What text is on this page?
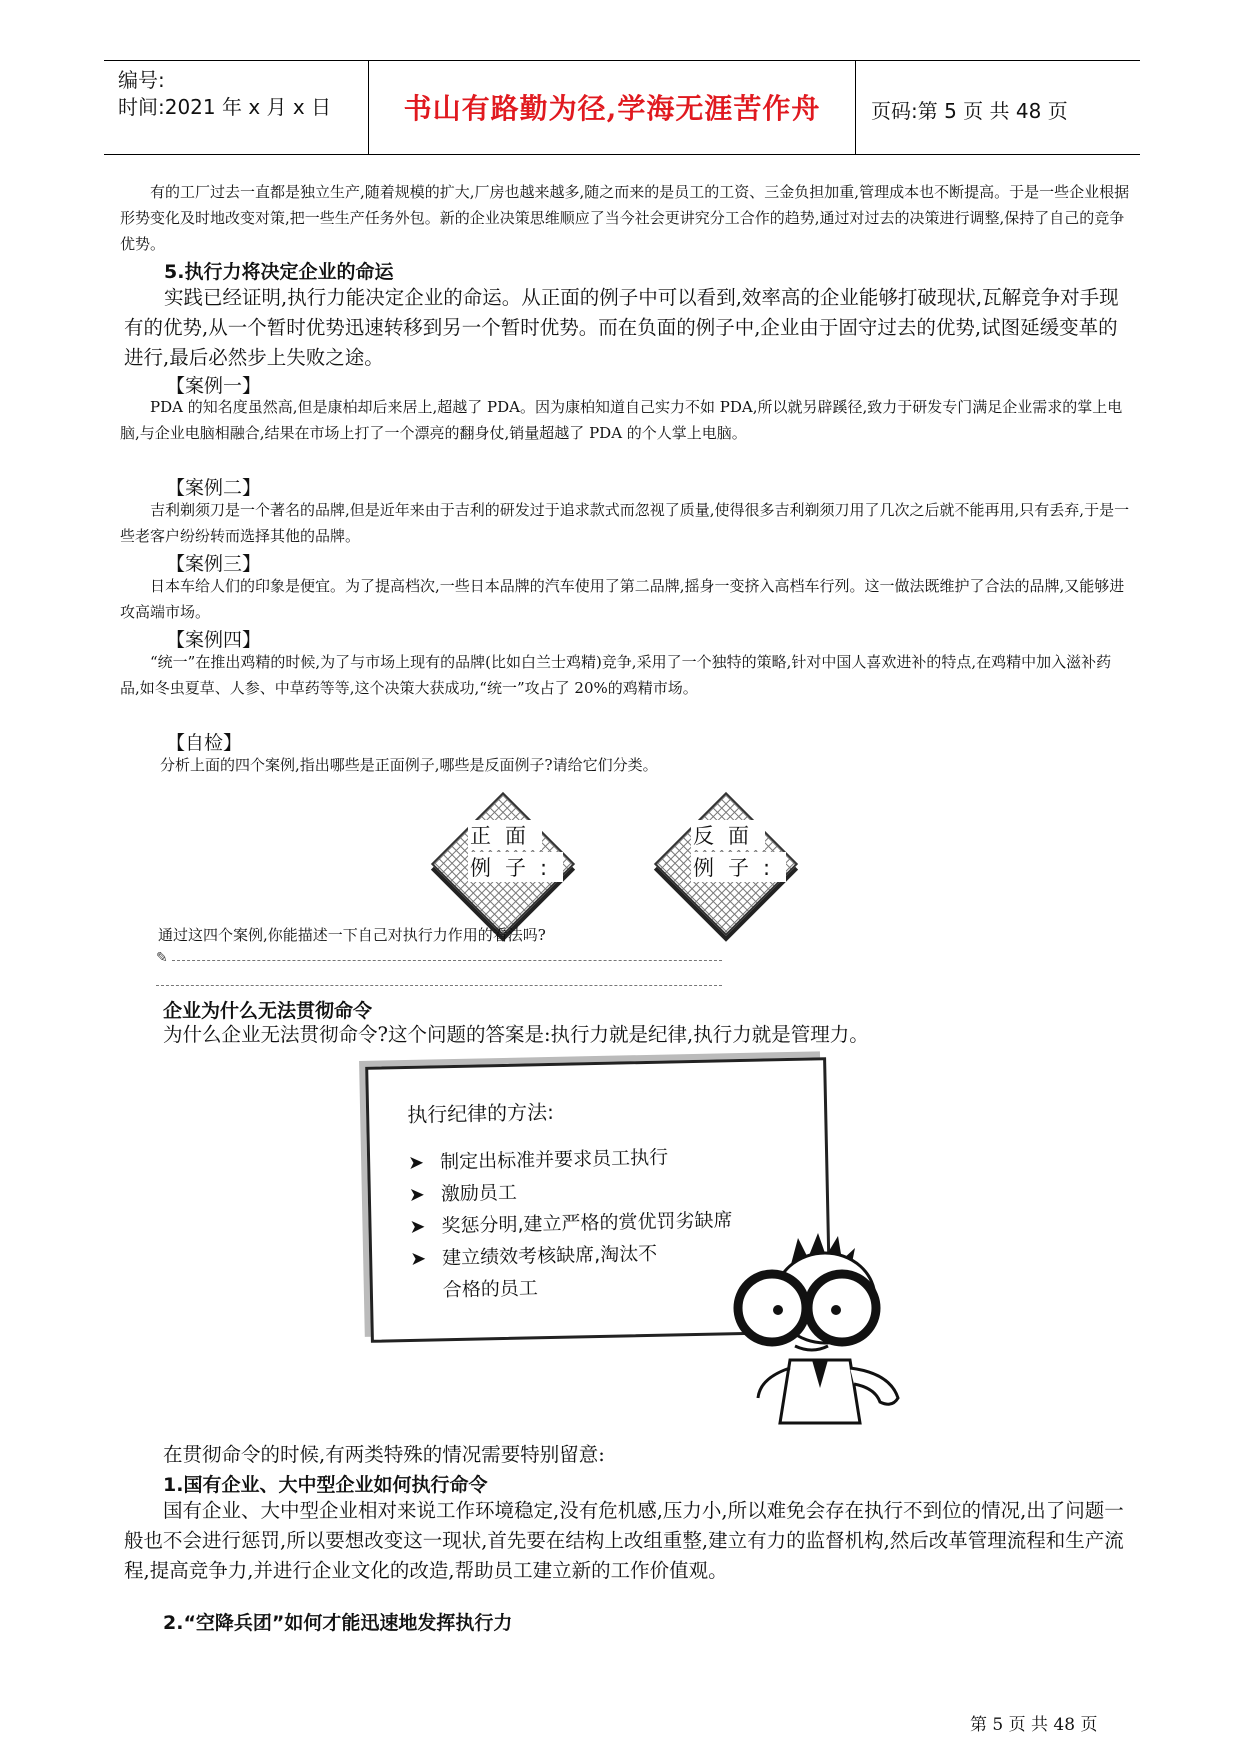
编号:
时间:2021 年 x 月 x 日	书山有路勤为径,学海无涯苦作舟	页码:第 5 页 共 48 页

有的工厂过去一直都是独立生产,随着规模的扩大,厂房也越来越多,随之而来的是员工的工资、三金负担加重,管理成本也不断提高。于是一些企业根据形势变化及时地改变对策,把一些生产任务外包。新的企业决策思维顺应了当今社会更讲究分工合作的趋势,通过对过去的决策进行调整,保持了自己的竞争优势。

5.执行力将决定企业的命运

实践已经证明,执行力能决定企业的命运。从正面的例子中可以看到,效率高的企业能够打破现状,瓦解竞争对手现有的优势,从一个暂时优势迅速转移到另一个暂时优势。而在负面的例子中,企业由于固守过去的优势,试图延缓变革的进行,最后必然步上失败之途。

【案例一】

PDA 的知名度虽然高,但是康柏却后来居上,超越了 PDA。因为康柏知道自己实力不如 PDA,所以就另辟蹊径,致力于研发专门满足企业需求的掌上电脑,与企业电脑相融合,结果在市场上打了一个漂亮的翻身仗,销量超越了 PDA 的个人掌上电脑。

【案例二】

吉利剃须刀是一个著名的品牌,但是近年来由于吉利的研发过于追求款式而忽视了质量,使得很多吉利剃须刀用了几次之后就不能再用,只有丢弃,于是一些老客户纷纷转而选择其他的品牌。

【案例三】

日本车给人们的印象是便宜。为了提高档次,一些日本品牌的汽车使用了第二品牌,摇身一变挤入高档车行列。这一做法既维护了合法的品牌,又能够进攻高端市场。

【案例四】

“统一”在推出鸡精的时候,为了与市场上现有的品牌(比如白兰士鸡精)竞争,采用了一个独特的策略,针对中国人喜欢进补的特点,在鸡精中加入滋补药品,如冬虫夏草、人参、中草药等等,这个决策大获成功,“统一”攻占了 20%的鸡精市场。

【自检】

分析上面的四个案例,指出哪些是正面例子,哪些是反面例子?请给它们分类。

正面
例子:
反面
例子:

通过这四个案例,你能描述一下自己对执行力作用的看法吗?

✎

企业为什么无法贯彻命令

为什么企业无法贯彻命令?这个问题的答案是:执行力就是纪律,执行力就是管理力。

执行纪律的方法:
➤ 制定出标准并要求员工执行
➤ 激励员工
➤ 奖惩分明,建立严格的赏优罚劣缺席
➤ 建立绩效考核缺席,淘汰不
合格的员工

在贯彻命令的时候,有两类特殊的情况需要特别留意:

1.国有企业、大中型企业如何执行命令

国有企业、大中型企业相对来说工作环境稳定,没有危机感,压力小,所以难免会存在执行不到位的情况,出了问题一般也不会进行惩罚,所以要想改变这一现状,首先要在结构上改组重整,建立有力的监督机构,然后改革管理流程和生产流程,提高竞争力,并进行企业文化的改造,帮助员工建立新的工作价值观。

2.“空降兵团”如何才能迅速地发挥执行力

第 5 页 共 48 页
